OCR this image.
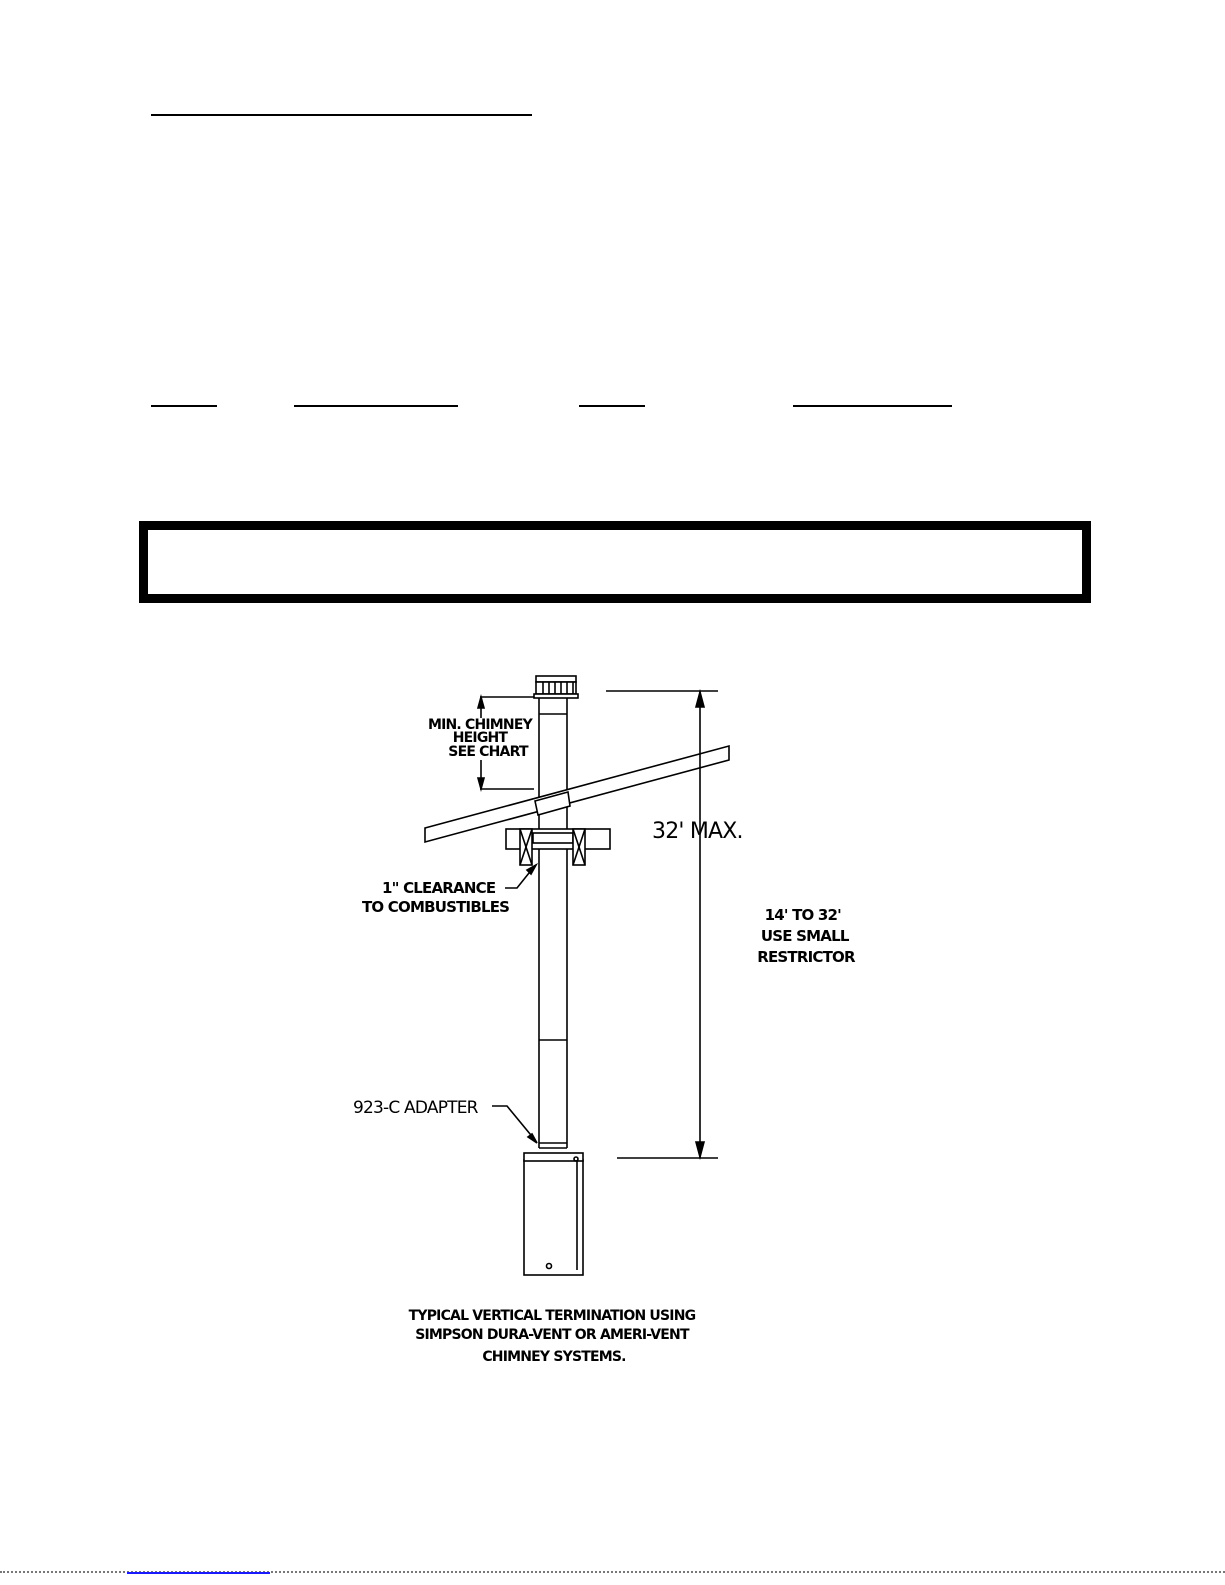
MIN. CHIMNEY HEIGHT SEE CHART
32' MAX.
1" CLEARANCE TO COMBUSTIBLES	14' TO 32' USE SMALL RESTRICTOR
923-C ADAPTER
TYPICAL VERTICAL TERMINATION USING SIMPSON DURA-VENT OR AMERI-VENT CHIMNEY SYSTEMS.
